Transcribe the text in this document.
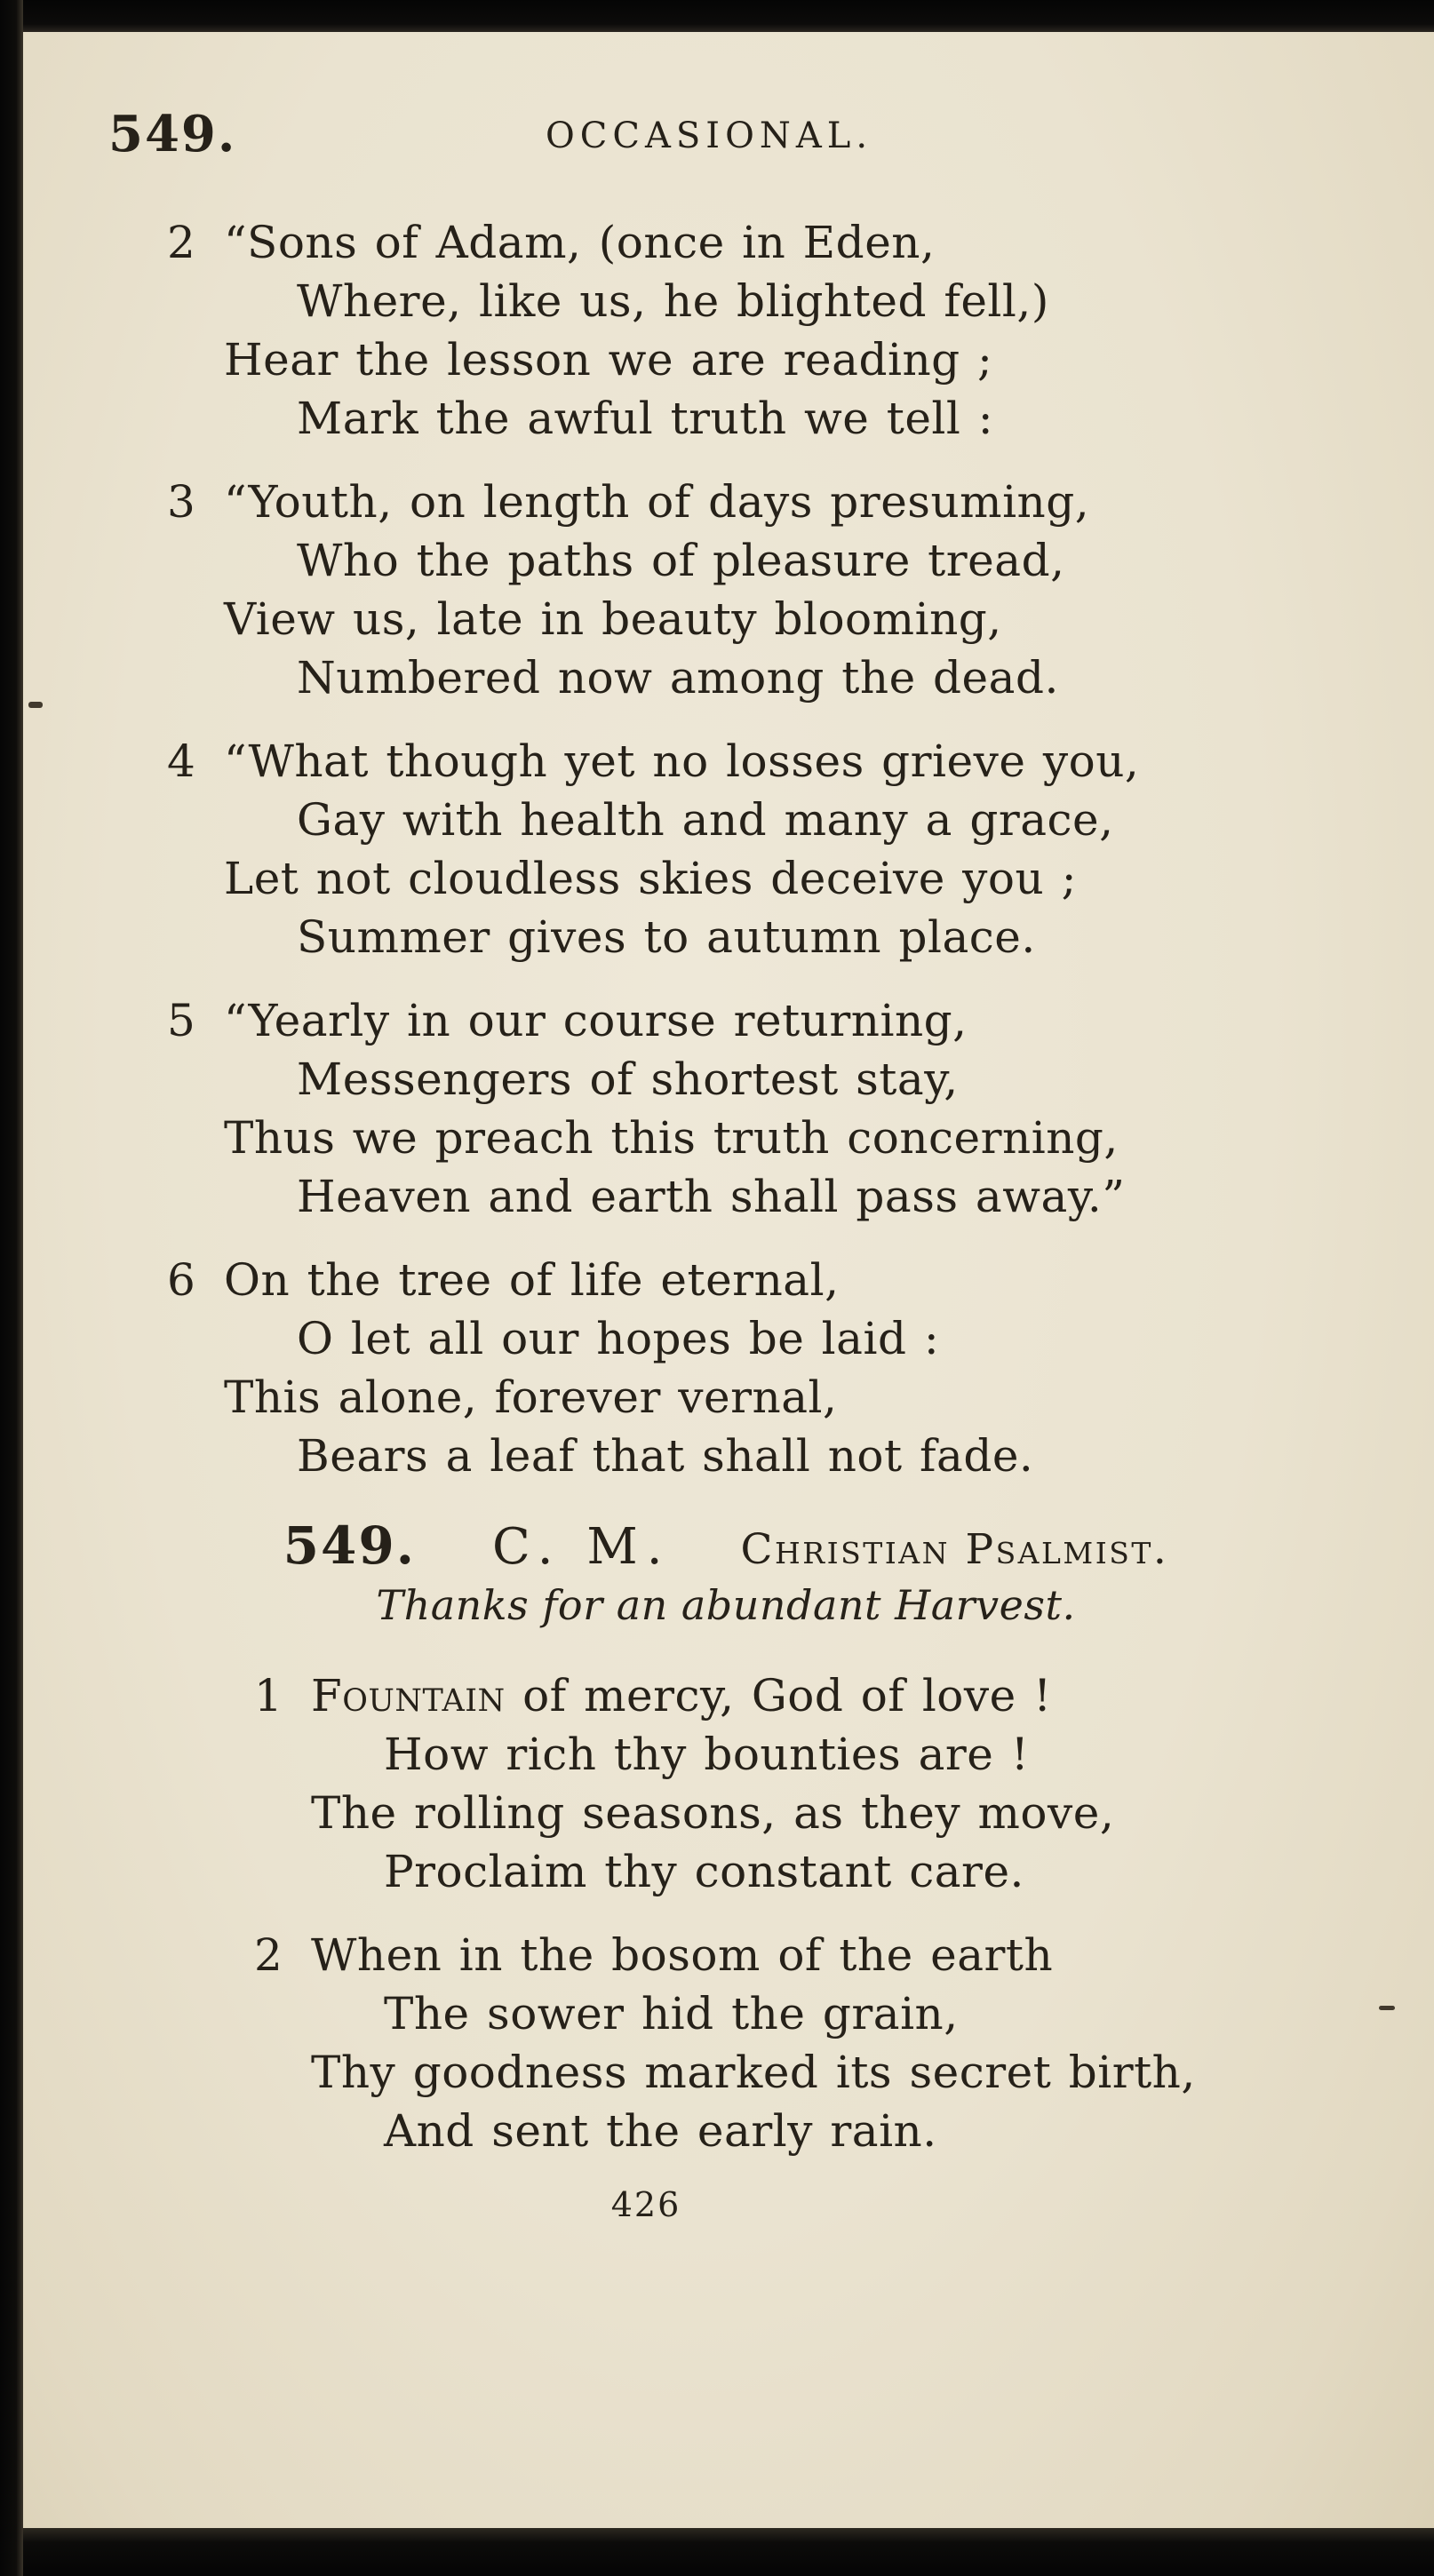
549.	OCCASIONAL.
2 “Sons of Adam, (once in Eden,
Where, like us, he blighted fell,)
Hear the lesson we are reading ;
Mark the awful truth we tell :
3 “Youth, on length of days presuming,
Who the paths of pleasure tread,
View us, late in beauty blooming,
Numbered now among the dead.
4 “What though yet no losses grieve you,
Gay with health and many a grace,
Let not cloudless skies deceive you ;
Summer gives to autumn place.
5 “Yearly in our course returning,
Messengers of shortest stay,
Thus we preach this truth concerning,
Heaven and earth shall pass away.”
6 On the tree of life eternal,
O let all our hopes be laid :
This alone, forever vernal,
Bears a leaf that shall not fade.
549. C. M. Christian Psalmist.
Thanks for an abundant Harvest.
1 Fountain of mercy, God of love !
How rich thy bounties are !
The rolling seasons, as they move,
Proclaim thy constant care.
2 When in the bosom of the earth
The sower hid the grain,
Thy goodness marked its secret birth,
And sent the early rain.
426
